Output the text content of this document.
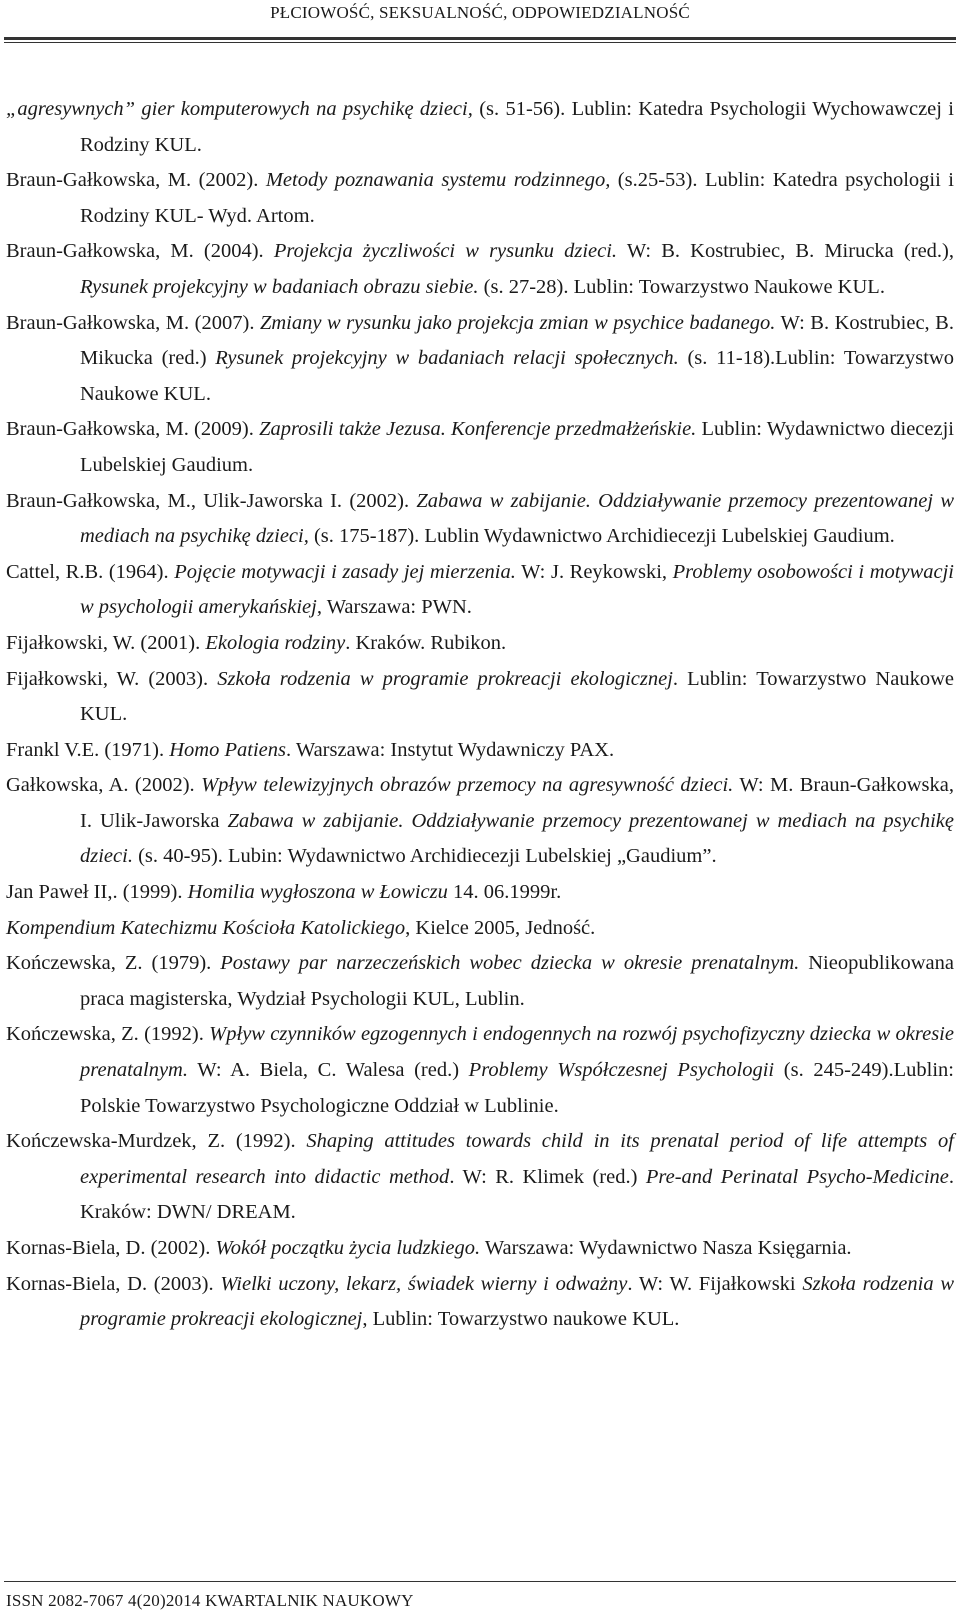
PŁCIOWOŚĆ, SEKSUALNOŚĆ, ODPOWIEDZIALNOŚĆ

„agresywnych” gier komputerowych na psychikę dzieci, (s. 51-56). Lublin: Katedra Psychologii Wychowawczej i Rodziny KUL.

Braun-Gałkowska, M. (2002). Metody poznawania systemu rodzinnego, (s.25-53). Lublin: Katedra psychologii i Rodziny KUL- Wyd. Artom.

Braun-Gałkowska, M. (2004). Projekcja życzliwości w rysunku dzieci. W: B. Kostrubiec, B. Mirucka (red.), Rysunek projekcyjny w badaniach obrazu siebie. (s. 27-28). Lublin: Towarzystwo Naukowe KUL.

Braun-Gałkowska, M. (2007). Zmiany w rysunku jako projekcja zmian w psychice badanego. W: B. Kostrubiec, B. Mikucka (red.) Rysunek projekcyjny w badaniach relacji społecznych. (s. 11-18).Lublin: Towarzystwo Naukowe KUL.

Braun-Gałkowska, M. (2009). Zaprosili także Jezusa. Konferencje przedmałżeńskie. Lublin: Wydawnictwo diecezji Lubelskiej Gaudium.

Braun-Gałkowska, M., Ulik-Jaworska I. (2002). Zabawa w zabijanie. Oddziaływanie przemocy prezentowanej w mediach na psychikę dzieci, (s. 175-187). Lublin Wydawnictwo Archidiecezji Lubelskiej Gaudium.

Cattel, R.B. (1964). Pojęcie motywacji i zasady jej mierzenia. W: J. Reykowski, Problemy osobowości i motywacji w psychologii amerykańskiej, Warszawa: PWN.

Fijałkowski, W. (2001). Ekologia rodziny. Kraków. Rubikon.

Fijałkowski, W. (2003). Szkoła rodzenia w programie prokreacji ekologicznej. Lublin: Towarzystwo Naukowe KUL.

Frankl V.E. (1971). Homo Patiens. Warszawa: Instytut Wydawniczy PAX.

Gałkowska, A. (2002). Wpływ telewizyjnych obrazów przemocy na agresywność dzieci. W: M. Braun-Gałkowska, I. Ulik-Jaworska Zabawa w zabijanie. Oddziaływanie przemocy prezentowanej w mediach na psychikę dzieci. (s. 40-95). Lubin: Wydawnictwo Archidiecezji Lubelskiej „Gaudium”.

Jan Paweł II,. (1999). Homilia wygłoszona w Łowiczu 14. 06.1999r.

Kompendium Katechizmu Kościoła Katolickiego, Kielce 2005, Jedność.

Kończewska, Z. (1979). Postawy par narzeczeńskich wobec dziecka w okresie prenatalnym. Nieopublikowana praca magisterska, Wydział Psychologii KUL, Lublin.

Kończewska, Z. (1992). Wpływ czynników egzogennych i endogennych na rozwój psychofizyczny dziecka w okresie prenatalnym. W: A. Biela, C. Walesa (red.) Problemy Współczesnej Psychologii (s. 245-249).Lublin: Polskie Towarzystwo Psychologiczne Oddział w Lublinie.

Kończewska-Murdzek, Z. (1992). Shaping attitudes towards child in its prenatal period of life attempts of experimental research into didactic method. W: R. Klimek (red.) Pre-and Perinatal Psycho-Medicine. Kraków: DWN/ DREAM.

Kornas-Biela, D. (2002). Wokół początku życia ludzkiego. Warszawa: Wydawnictwo Nasza Księgarnia.

Kornas-Biela, D. (2003). Wielki uczony, lekarz, świadek wierny i odważny. W: W. Fijałkowski Szkoła rodzenia w programie prokreacji ekologicznej, Lublin: Towarzystwo naukowe KUL.

ISSN 2082-7067 4(20)2014 KWARTALNIK NAUKOWY
